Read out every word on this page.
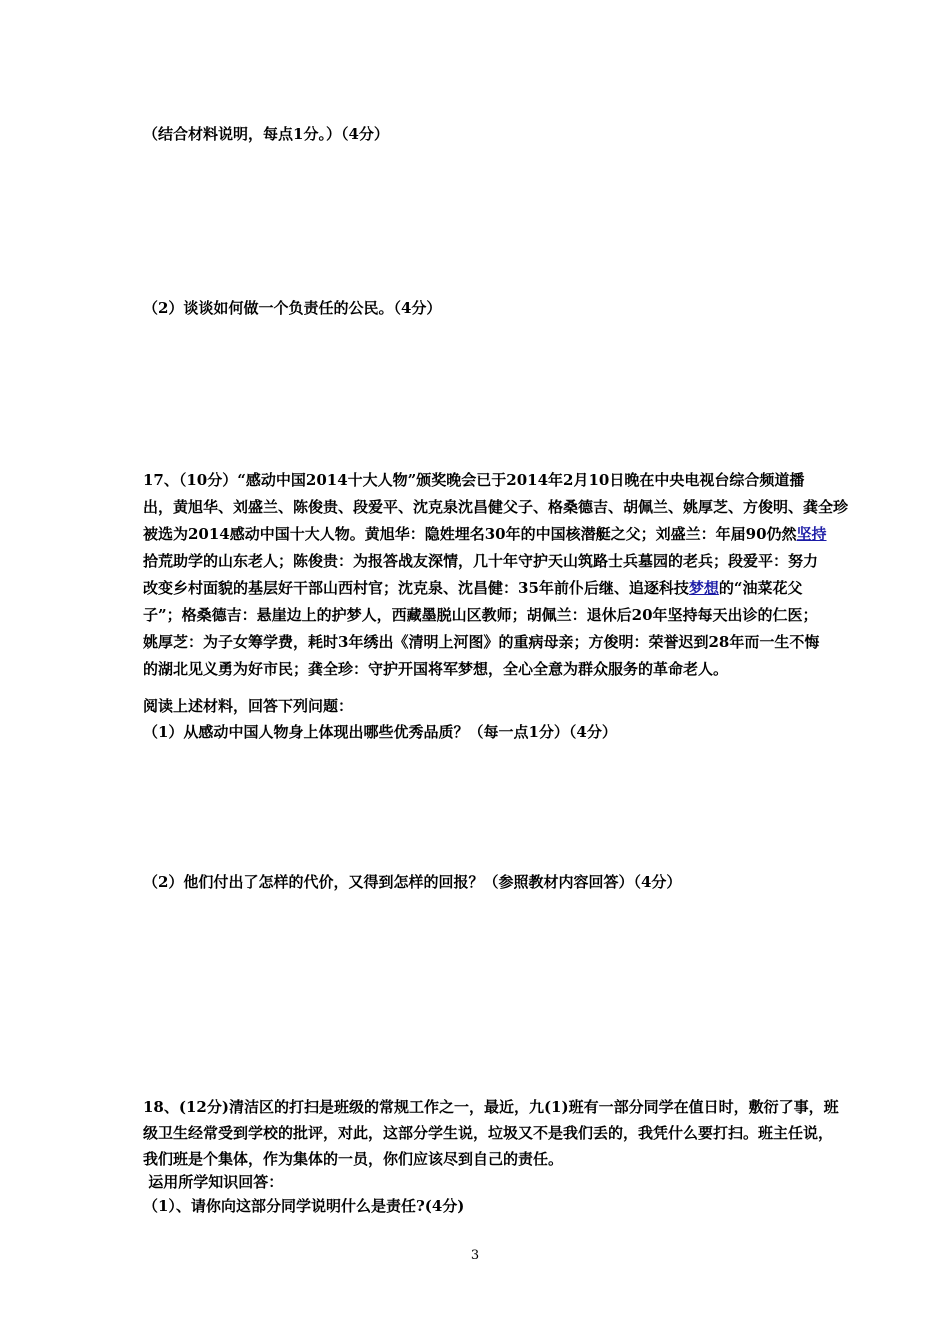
（结合材料说明，每点1分。）（4分）
（2）谈谈如何做一个负责任的公民。（4分）
17、（10分）“感动中国2014十大人物”颁奖晚会已于2014年2月10日晚在中央电视台综合频道播
出，黄旭华、刘盛兰、陈俊贵、段爱平、沈克泉沈昌健父子、格桑德吉、胡佩兰、姚厚芝、方俊明、龚全珍
被选为2014感动中国十大人物。黄旭华：隐姓埋名30年的中国核潜艇之父；刘盛兰：年届90仍然坚持
拾荒助学的山东老人；陈俊贵：为报答战友深情，几十年守护天山筑路士兵墓园的老兵；段爱平：努力
改变乡村面貌的基层好干部山西村官；沈克泉、沈昌健：35年前仆后继、追逐科技梦想的“油菜花父
子”；格桑德吉：悬崖边上的护梦人，西藏墨脱山区教师；胡佩兰：退休后20年坚持每天出诊的仁医；
姚厚芝：为子女筹学费，耗时3年绣出《清明上河图》的重病母亲；方俊明：荣誉迟到28年而一生不悔
的湖北见义勇为好市民；龚全珍：守护开国将军梦想，全心全意为群众服务的革命老人。
阅读上述材料，回答下列问题：
（1）从感动中国人物身上体现出哪些优秀品质？（每一点1分）（4分）
（2）他们付出了怎样的代价，又得到怎样的回报？（参照教材内容回答）（4分）
18、(12分)清洁区的打扫是班级的常规工作之一，最近，九(1)班有一部分同学在值日时，敷衍了事，班
级卫生经常受到学校的批评，对此，这部分学生说，垃圾又不是我们丢的，我凭什么要打扫。班主任说，
我们班是个集体，作为集体的一员，你们应该尽到自己的责任。
运用所学知识回答：
（1）、请你向这部分同学说明什么是责任?(4分)
3
